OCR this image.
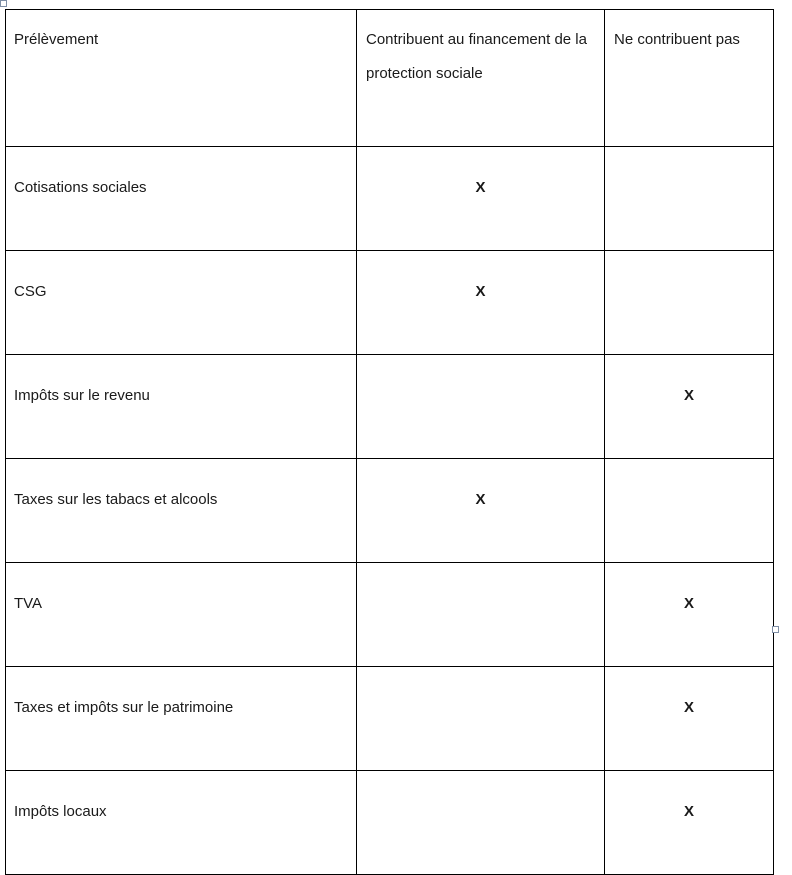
Prélèvement	Contribuent au financement de la protection sociale	Ne contribuent pas

Cotisations sociales	X	
CSG	X	
Impôts sur le revenu		X
Taxes sur les tabacs et alcools	X	
TVA		X
Taxes et impôts sur le patrimoine		X
Impôts locaux		X
